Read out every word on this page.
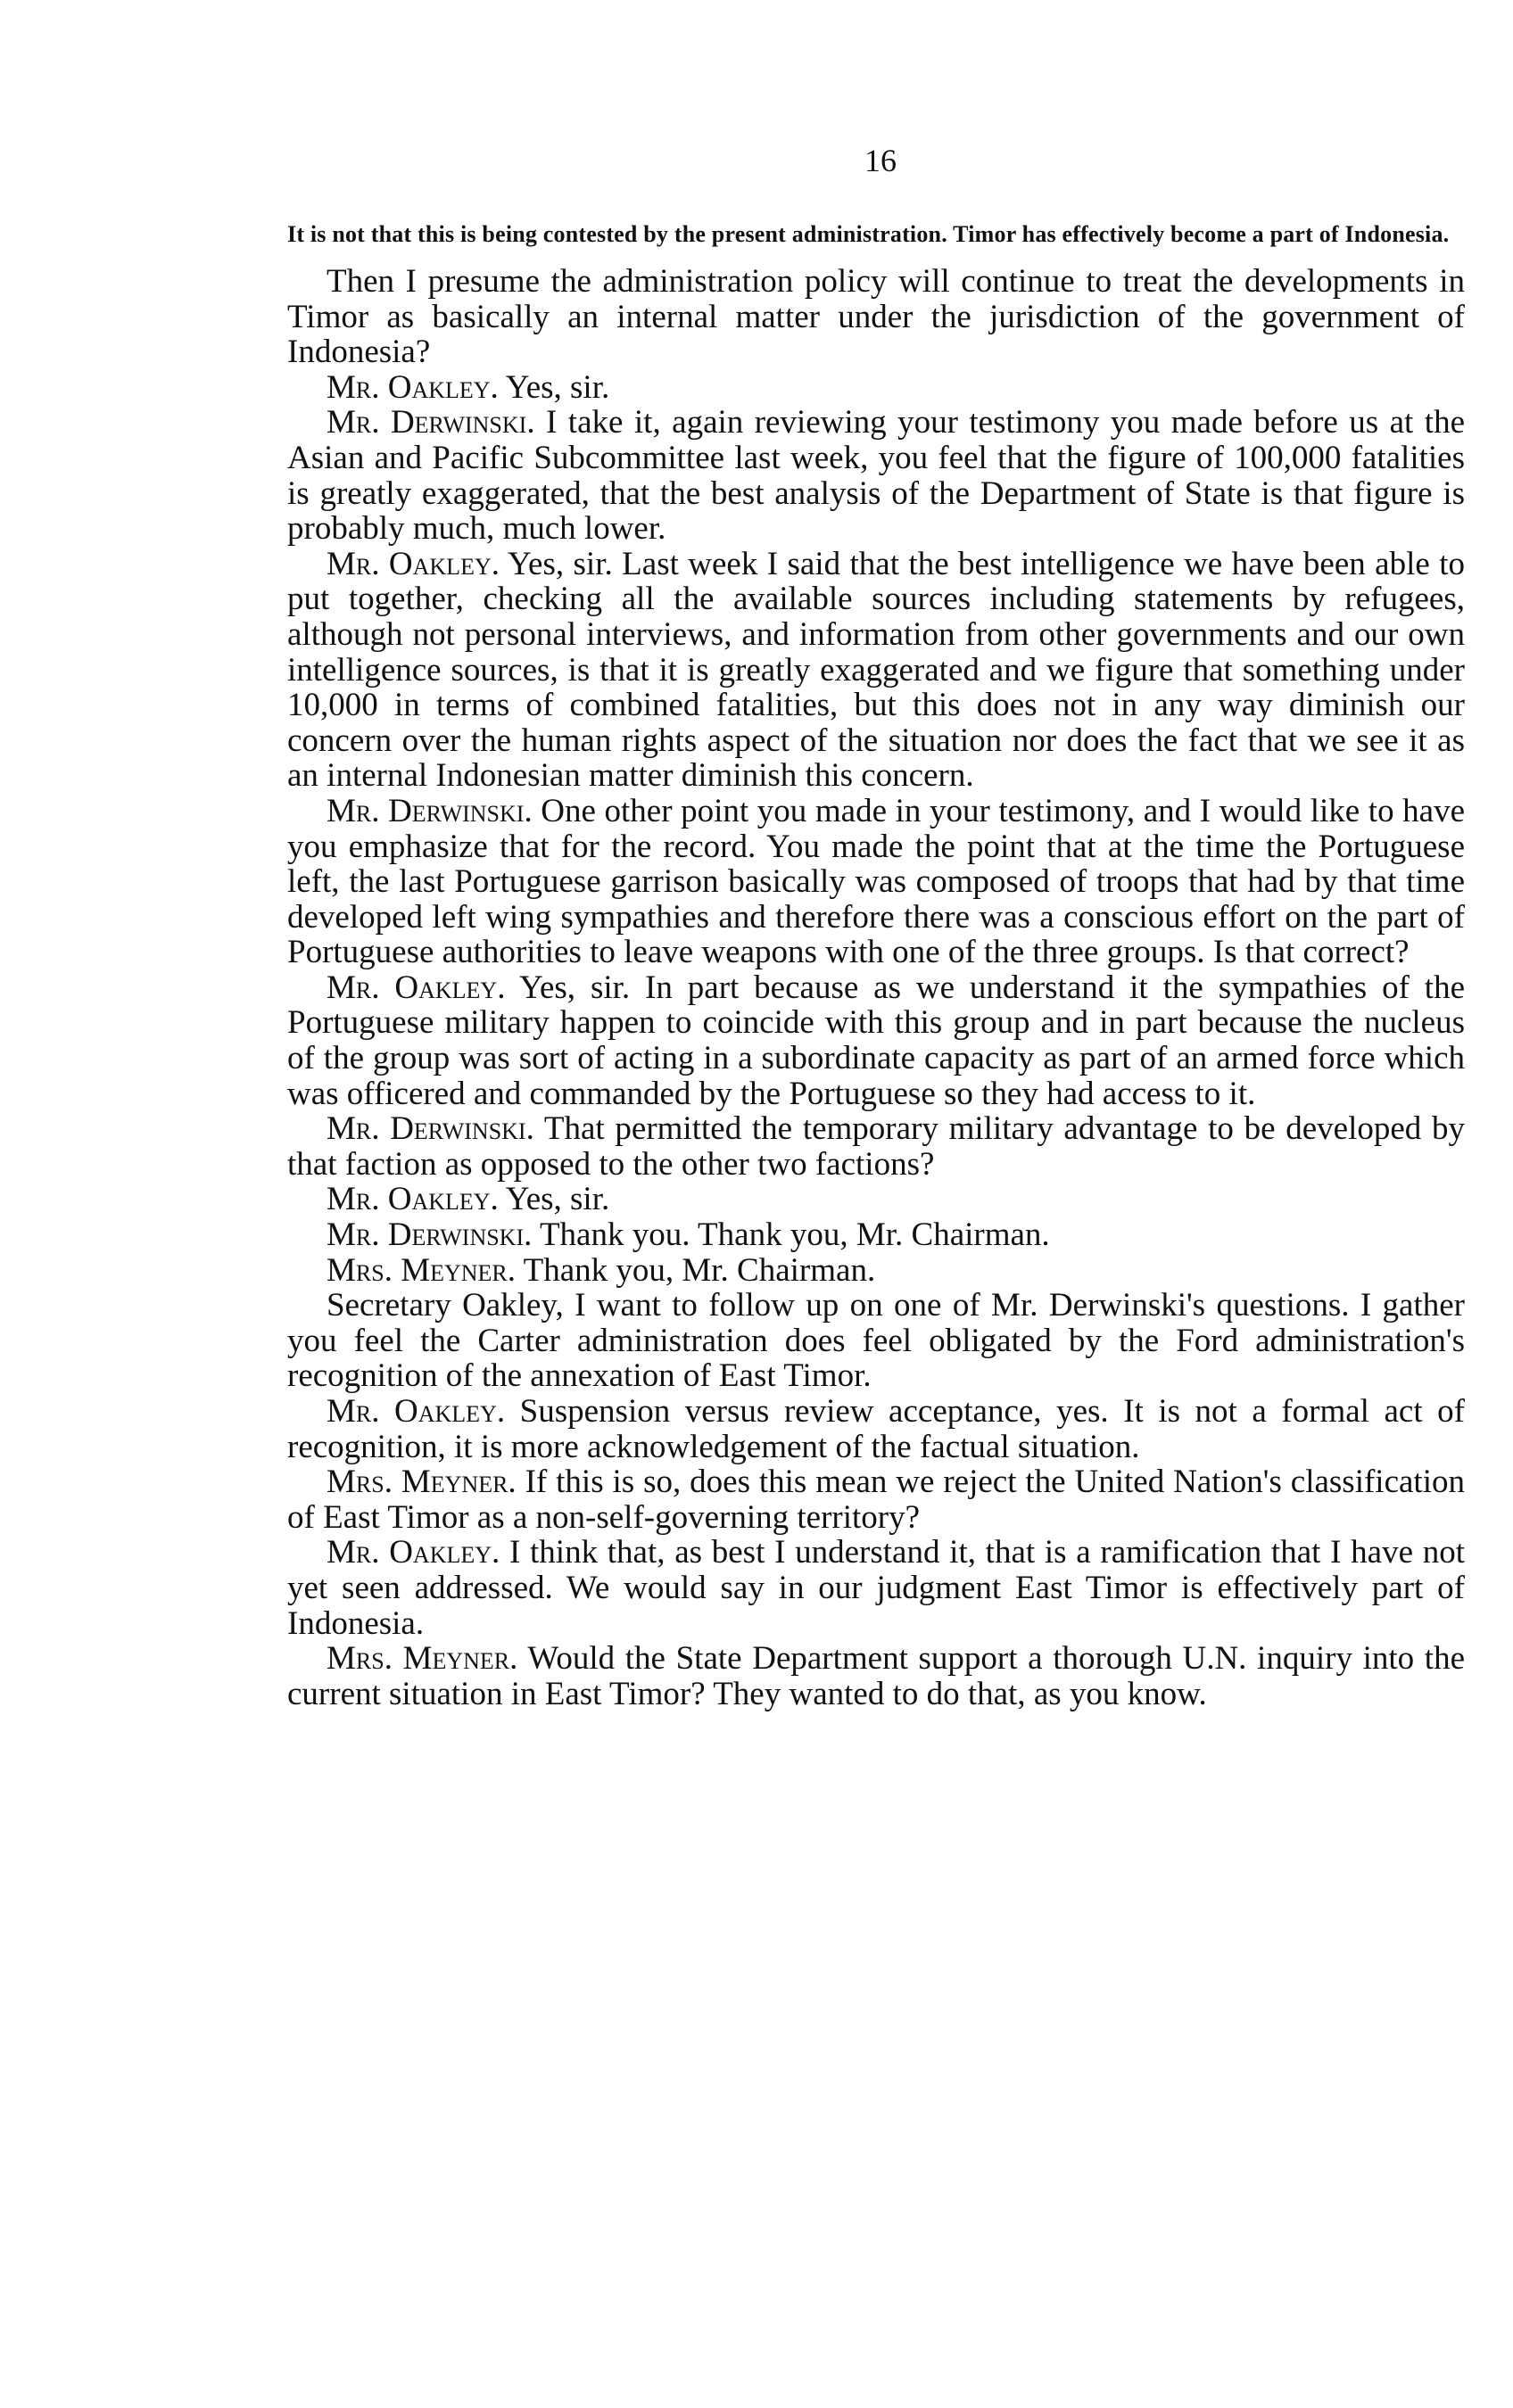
16

It is not that this is being contested by the present administration. Timor has effectively become a part of Indonesia.

Then I presume the administration policy will continue to treat the developments in Timor as basically an internal matter under the jurisdiction of the government of Indonesia?

Mr. Oakley. Yes, sir.

Mr. Derwinski. I take it, again reviewing your testimony you made before us at the Asian and Pacific Subcommittee last week, you feel that the figure of 100,000 fatalities is greatly exaggerated, that the best analysis of the Department of State is that figure is probably much, much lower.

Mr. Oakley. Yes, sir. Last week I said that the best intelligence we have been able to put together, checking all the available sources including statements by refugees, although not personal interviews, and information from other governments and our own intelligence sources, is that it is greatly exaggerated and we figure that something under 10,000 in terms of combined fatalities, but this does not in any way diminish our concern over the human rights aspect of the situation nor does the fact that we see it as an internal Indonesian matter diminish this concern.

Mr. Derwinski. One other point you made in your testimony, and I would like to have you emphasize that for the record. You made the point that at the time the Portuguese left, the last Portuguese garrison basically was composed of troops that had by that time developed left wing sympathies and therefore there was a conscious effort on the part of Portuguese authorities to leave weapons with one of the three groups. Is that correct?

Mr. Oakley. Yes, sir. In part because as we understand it the sympathies of the Portuguese military happen to coincide with this group and in part because the nucleus of the group was sort of acting in a subordinate capacity as part of an armed force which was officered and commanded by the Portuguese so they had access to it.

Mr. Derwinski. That permitted the temporary military advantage to be developed by that faction as opposed to the other two factions?

Mr. Oakley. Yes, sir.

Mr. Derwinski. Thank you. Thank you, Mr. Chairman.

Mrs. Meyner. Thank you, Mr. Chairman.

Secretary Oakley, I want to follow up on one of Mr. Derwinski's questions. I gather you feel the Carter administration does feel obligated by the Ford administration's recognition of the annexation of East Timor.

Mr. Oakley. Suspension versus review acceptance, yes. It is not a formal act of recognition, it is more acknowledgement of the factual situation.

Mrs. Meyner. If this is so, does this mean we reject the United Nation's classification of East Timor as a non-self-governing territory?

Mr. Oakley. I think that, as best I understand it, that is a ramification that I have not yet seen addressed. We would say in our judgment East Timor is effectively part of Indonesia.

Mrs. Meyner. Would the State Department support a thorough U.N. inquiry into the current situation in East Timor? They wanted to do that, as you know.
